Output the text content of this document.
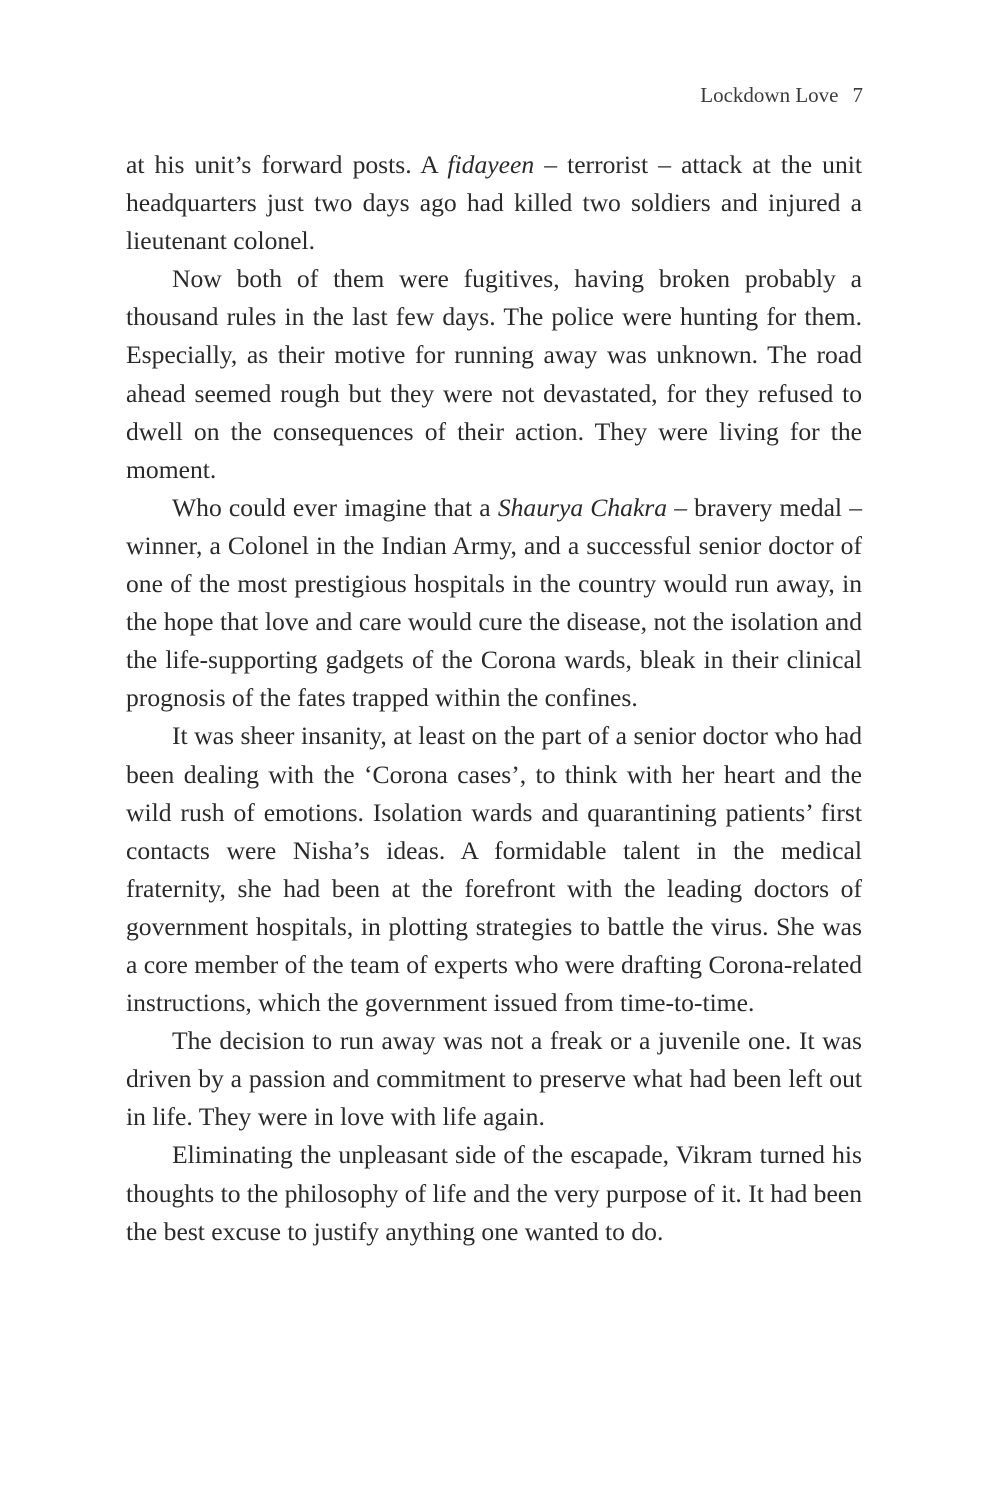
Lockdown Love 7

at his unit’s forward posts. A fidayeen – terrorist – attack at the unit headquarters just two days ago had killed two soldiers and injured a lieutenant colonel.

Now both of them were fugitives, having broken probably a thousand rules in the last few days. The police were hunting for them. Especially, as their motive for running away was unknown. The road ahead seemed rough but they were not devastated, for they refused to dwell on the consequences of their action. They were living for the moment.

Who could ever imagine that a Shaurya Chakra – bravery medal – winner, a Colonel in the Indian Army, and a successful senior doctor of one of the most prestigious hospitals in the country would run away, in the hope that love and care would cure the disease, not the isolation and the life-supporting gadgets of the Corona wards, bleak in their clinical prognosis of the fates trapped within the confines.

It was sheer insanity, at least on the part of a senior doctor who had been dealing with the ‘Corona cases’, to think with her heart and the wild rush of emotions. Isolation wards and quarantining patients’ first contacts were Nisha’s ideas. A formidable talent in the medical fraternity, she had been at the forefront with the leading doctors of government hospitals, in plotting strategies to battle the virus. She was a core member of the team of experts who were drafting Corona-related instructions, which the government issued from time-to-time.

The decision to run away was not a freak or a juvenile one. It was driven by a passion and commitment to preserve what had been left out in life. They were in love with life again.

Eliminating the unpleasant side of the escapade, Vikram turned his thoughts to the philosophy of life and the very purpose of it. It had been the best excuse to justify anything one wanted to do.
